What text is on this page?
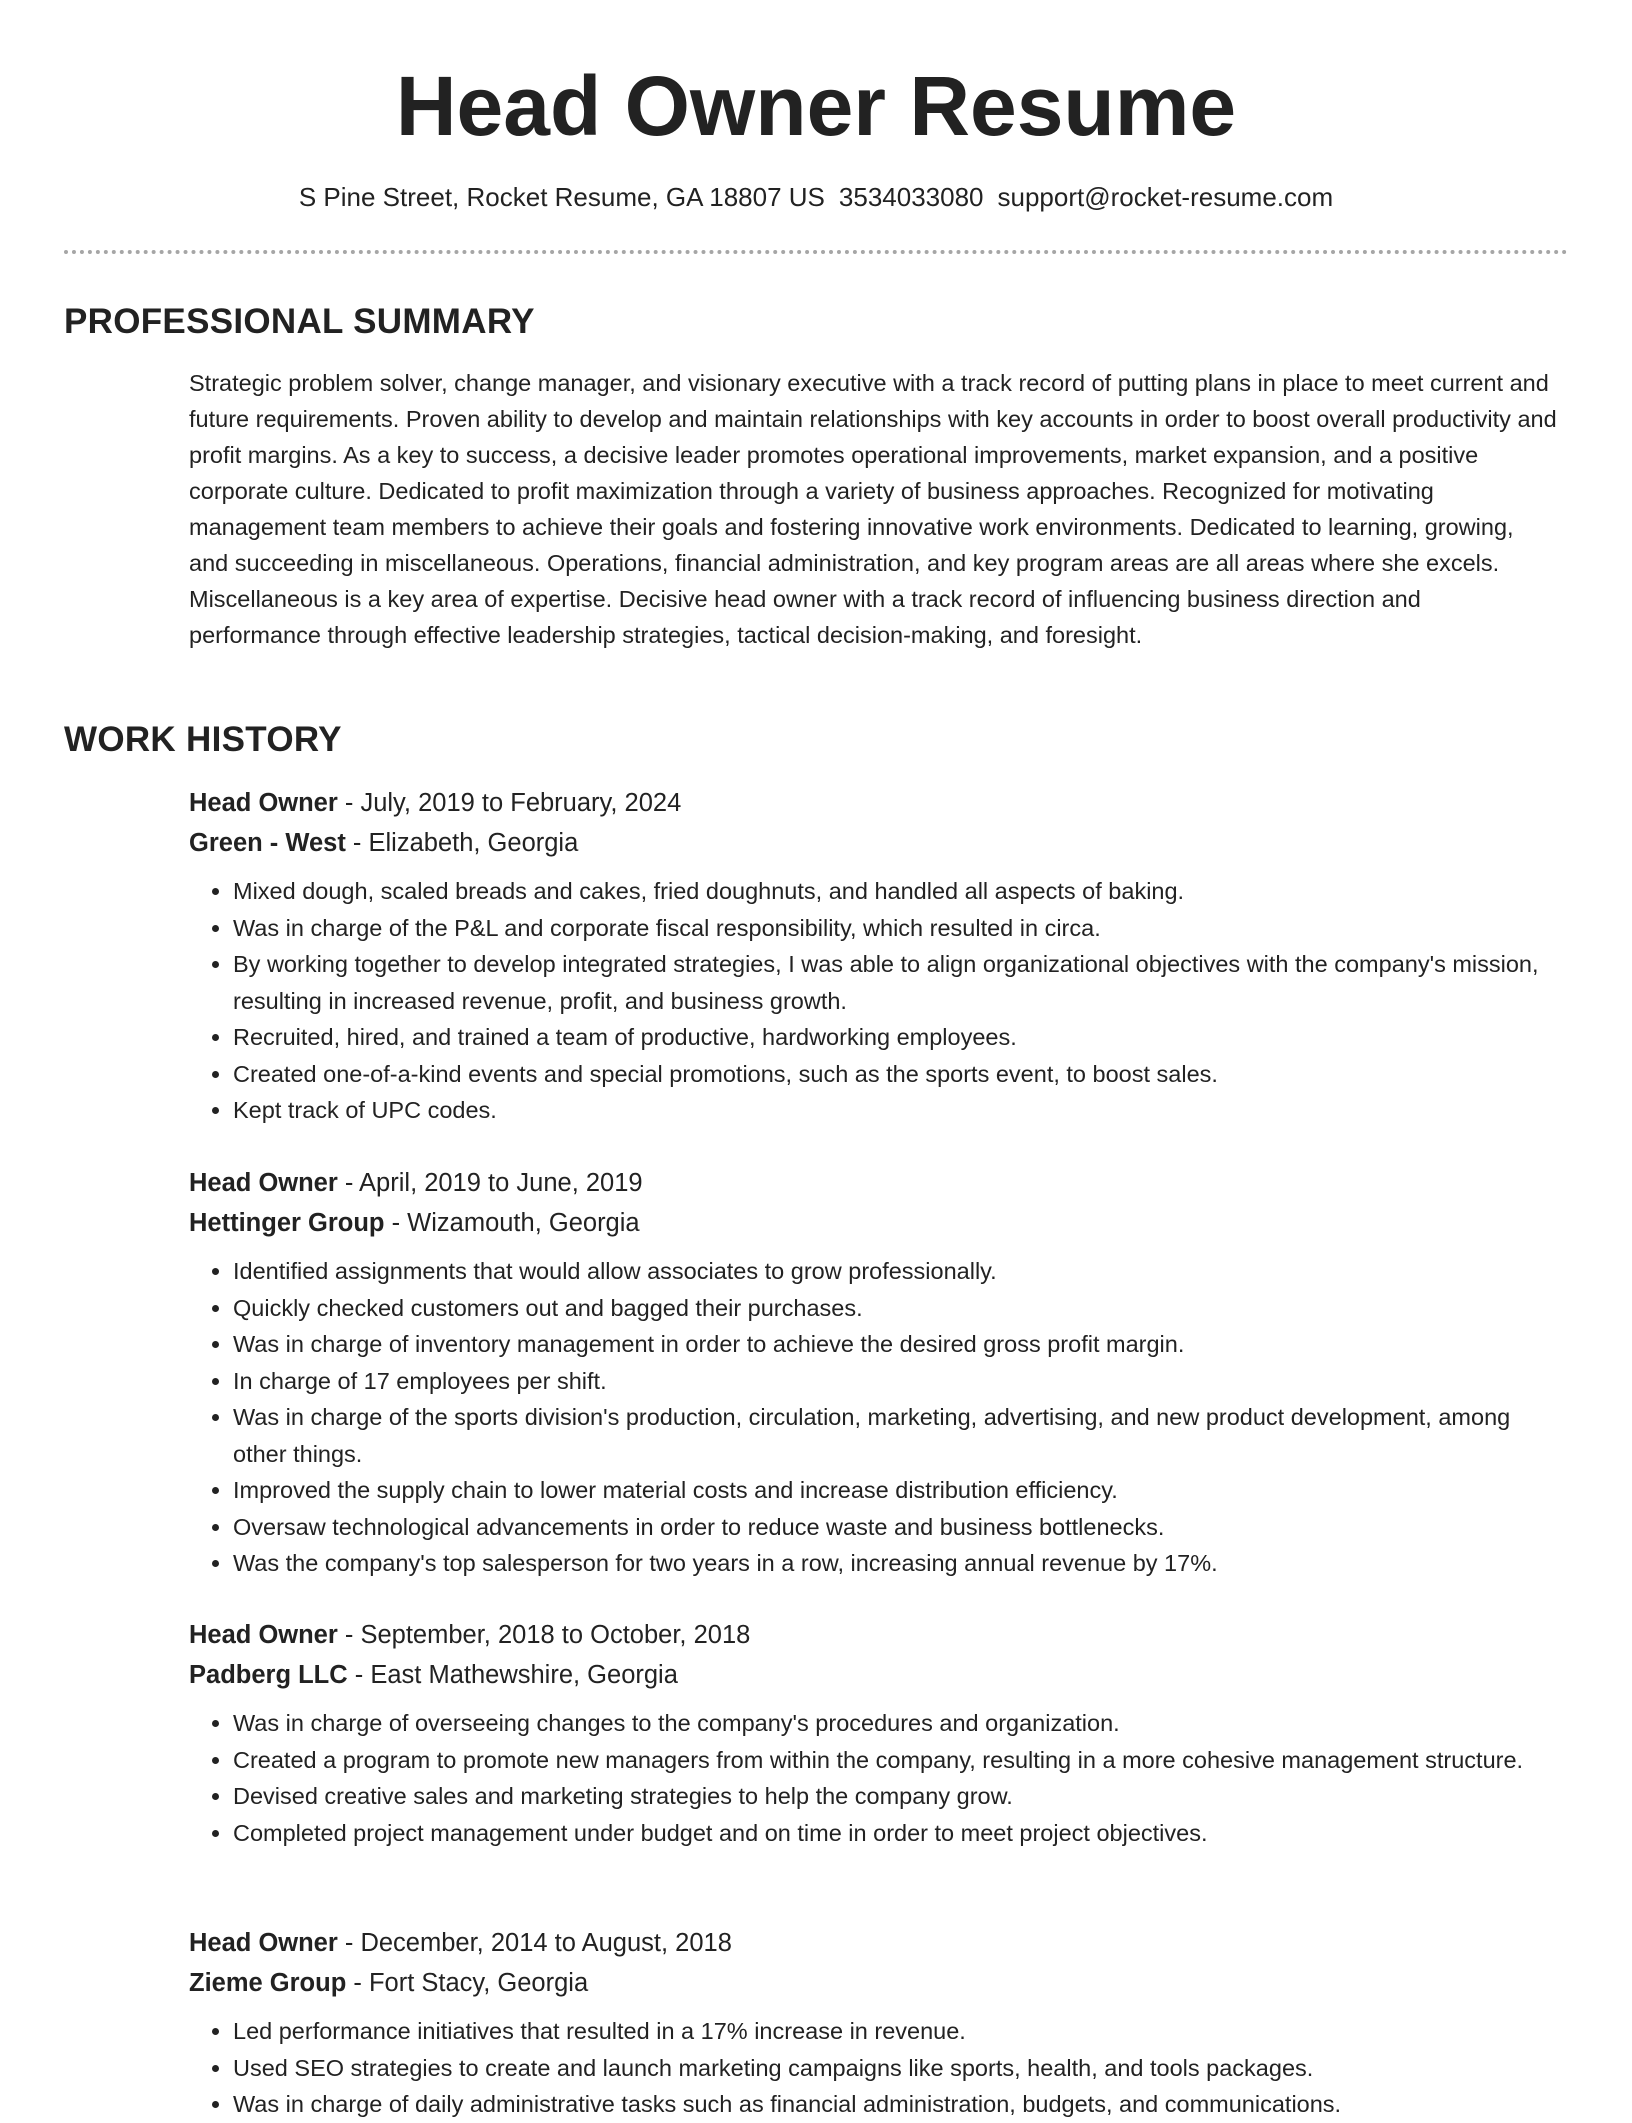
Head Owner Resume
S Pine Street, Rocket Resume, GA 18807 US 3534033080 support@rocket-resume.com
PROFESSIONAL SUMMARY

Strategic problem solver, change manager, and visionary executive with a track record of putting plans in place to meet current and future requirements. Proven ability to develop and maintain relationships with key accounts in order to boost overall productivity and profit margins. As a key to success, a decisive leader promotes operational improvements, market expansion, and a positive corporate culture. Dedicated to profit maximization through a variety of business approaches. Recognized for motivating management team members to achieve their goals and fostering innovative work environments. Dedicated to learning, growing, and succeeding in miscellaneous. Operations, financial administration, and key program areas are all areas where she excels. Miscellaneous is a key area of expertise. Decisive head owner with a track record of influencing business direction and performance through effective leadership strategies, tactical decision-making, and foresight.

WORK HISTORY

Head Owner - July, 2019 to February, 2024

Green - West - Elizabeth, Georgia

• Mixed dough, scaled breads and cakes, fried doughnuts, and handled all aspects of baking.
• Was in charge of the P&L and corporate fiscal responsibility, which resulted in circa.
• By working together to develop integrated strategies, I was able to align organizational objectives with the company's mission, resulting in increased revenue, profit, and business growth.
• Recruited, hired, and trained a team of productive, hardworking employees.
• Created one-of-a-kind events and special promotions, such as the sports event, to boost sales.
• Kept track of UPC codes.

Head Owner - April, 2019 to June, 2019

Hettinger Group - Wizamouth, Georgia

• Identified assignments that would allow associates to grow professionally.
• Quickly checked customers out and bagged their purchases.
• Was in charge of inventory management in order to achieve the desired gross profit margin.
• In charge of 17 employees per shift.
• Was in charge of the sports division's production, circulation, marketing, advertising, and new product development, among other things.
• Improved the supply chain to lower material costs and increase distribution efficiency.
• Oversaw technological advancements in order to reduce waste and business bottlenecks.
• Was the company's top salesperson for two years in a row, increasing annual revenue by 17%.

Head Owner - September, 2018 to October, 2018

Padberg LLC - East Mathewshire, Georgia

• Was in charge of overseeing changes to the company's procedures and organization.
• Created a program to promote new managers from within the company, resulting in a more cohesive management structure.
• Devised creative sales and marketing strategies to help the company grow.
• Completed project management under budget and on time in order to meet project objectives.

Head Owner - December, 2014 to August, 2018

Zieme Group - Fort Stacy, Georgia

• Led performance initiatives that resulted in a 17% increase in revenue.
• Used SEO strategies to create and launch marketing campaigns like sports, health, and tools packages.
• Was in charge of daily administrative tasks such as financial administration, budgets, and communications.
